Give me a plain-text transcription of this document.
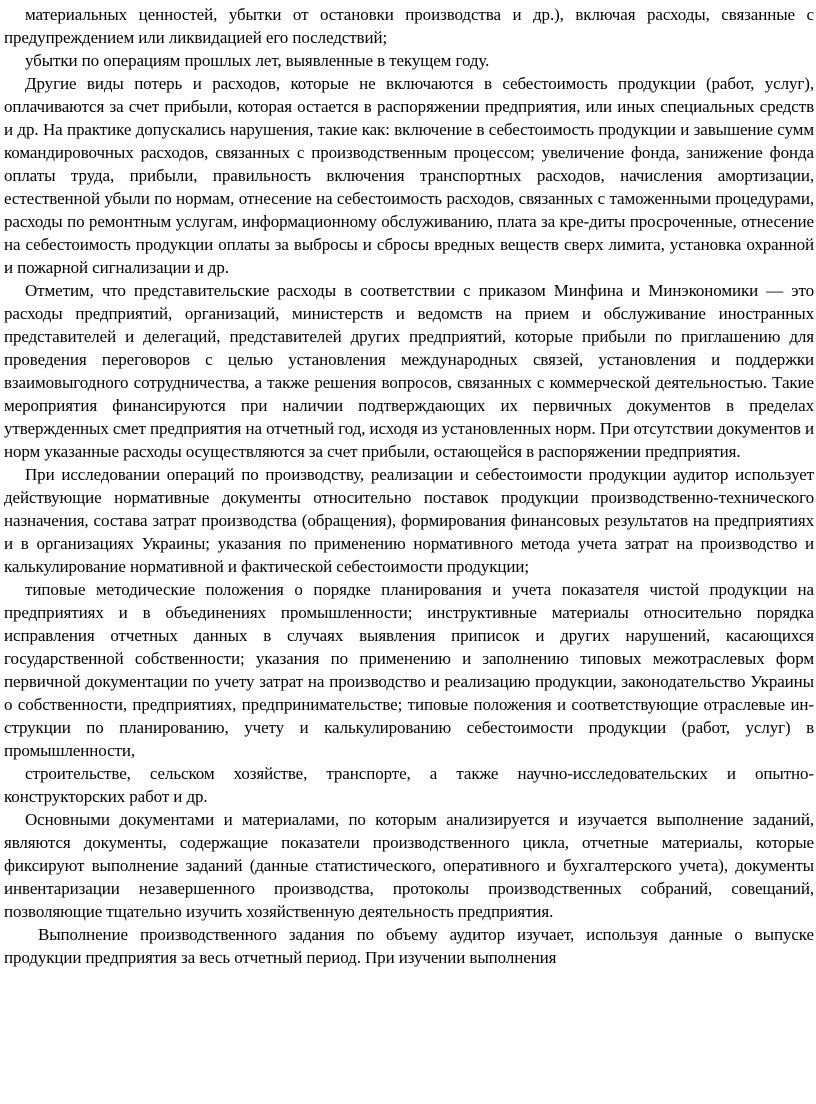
материальных ценностей, убытки от остановки производства и др.), включая расходы, связанные с предупреждением или ликвидацией его последствий;

убытки по операциям прошлых лет, выявленные в текущем году.

Другие виды потерь и расходов, которые не включаются в себестоимость продукции (работ, услуг), оплачиваются за счет прибыли, которая остается в распоряжении предприятия, или иных специальных средств и др. На практике допускались нарушения, такие как: включение в себестоимость продукции и завышение сумм командировочных расходов, связанных с производственным процессом; увеличение фонда, занижение фонда оплаты труда, прибыли, правильность включения транспортных расходов, начисления амортизации, естественной убыли по нормам, отнесение на себестоимость расходов, связанных с таможенными процедурами, расходы по ремонтным услугам, информационному обслуживанию, плата за кре-диты просроченные, отнесение на себестоимость продукции оплаты за выбросы и сбросы вредных веществ сверх лимита, установка охранной и пожарной сигнализации и др.

Отметим, что представительские расходы в соответствии с приказом Минфина и Минэкономики — это расходы предприятий, организаций, министерств и ведомств на прием и обслуживание иностранных представителей и делегаций, представителей других предприятий, которые прибыли по приглашению для проведения переговоров с целью установления международных связей, установления и поддержки взаимовыгодного сотрудничества, а также решения вопросов, связанных с коммерческой деятельностью. Такие мероприятия финансируются при наличии подтверждающих их первичных документов в пределах утвержденных смет предприятия на отчетный год, исходя из установленных норм. При отсутствии документов и норм указанные расходы осуществляются за счет прибыли, остающейся в распоряжении предприятия.

При исследовании операций по производству, реализации и себестоимости продукции аудитор использует действующие нормативные документы относительно поставок продукции производственно-технического назначения, состава затрат производства (обращения), формирования финансовых результатов на предприятиях и в организациях Украины; указания по применению нормативного метода учета затрат на производство и калькулирование нормативной и фактической себестоимости продукции;

типовые методические положения о порядке планирования и учета показателя чистой продукции на предприятиях и в объединениях промышленности; инструктивные материалы относительно порядка исправления отчетных данных в случаях выявления приписок и других нарушений, касающихся государственной собственности; указания по применению и заполнению типовых межотраслевых форм первичной документации по учету затрат на производство и реализацию продукции, законодательство Украины о собственности, предприятиях, предпринимательстве; типовые положения и соответствующие отраслевые ин-струкции по планированию, учету и калькулированию себестоимости продукции (работ, услуг) в промышленности,

строительстве, сельском хозяйстве, транспорте, а также научно-исследовательских и опытно-конструкторских работ и др.

Основными документами и материалами, по которым анализируется и изучается выполнение заданий, являются документы, содержащие показатели производственного цикла, отчетные материалы, которые фиксируют выполнение заданий (данные статистического, оперативного и бухгалтерского учета), документы инвентаризации незавершенного производства, протоколы производственных собраний, совещаний, позволяющие тщательно изучить хозяйственную деятельность предприятия.

Выполнение производственного задания по объему аудитор изучает, используя данные о выпуске продукции предприятия за весь отчетный период. При изучении выполнения
